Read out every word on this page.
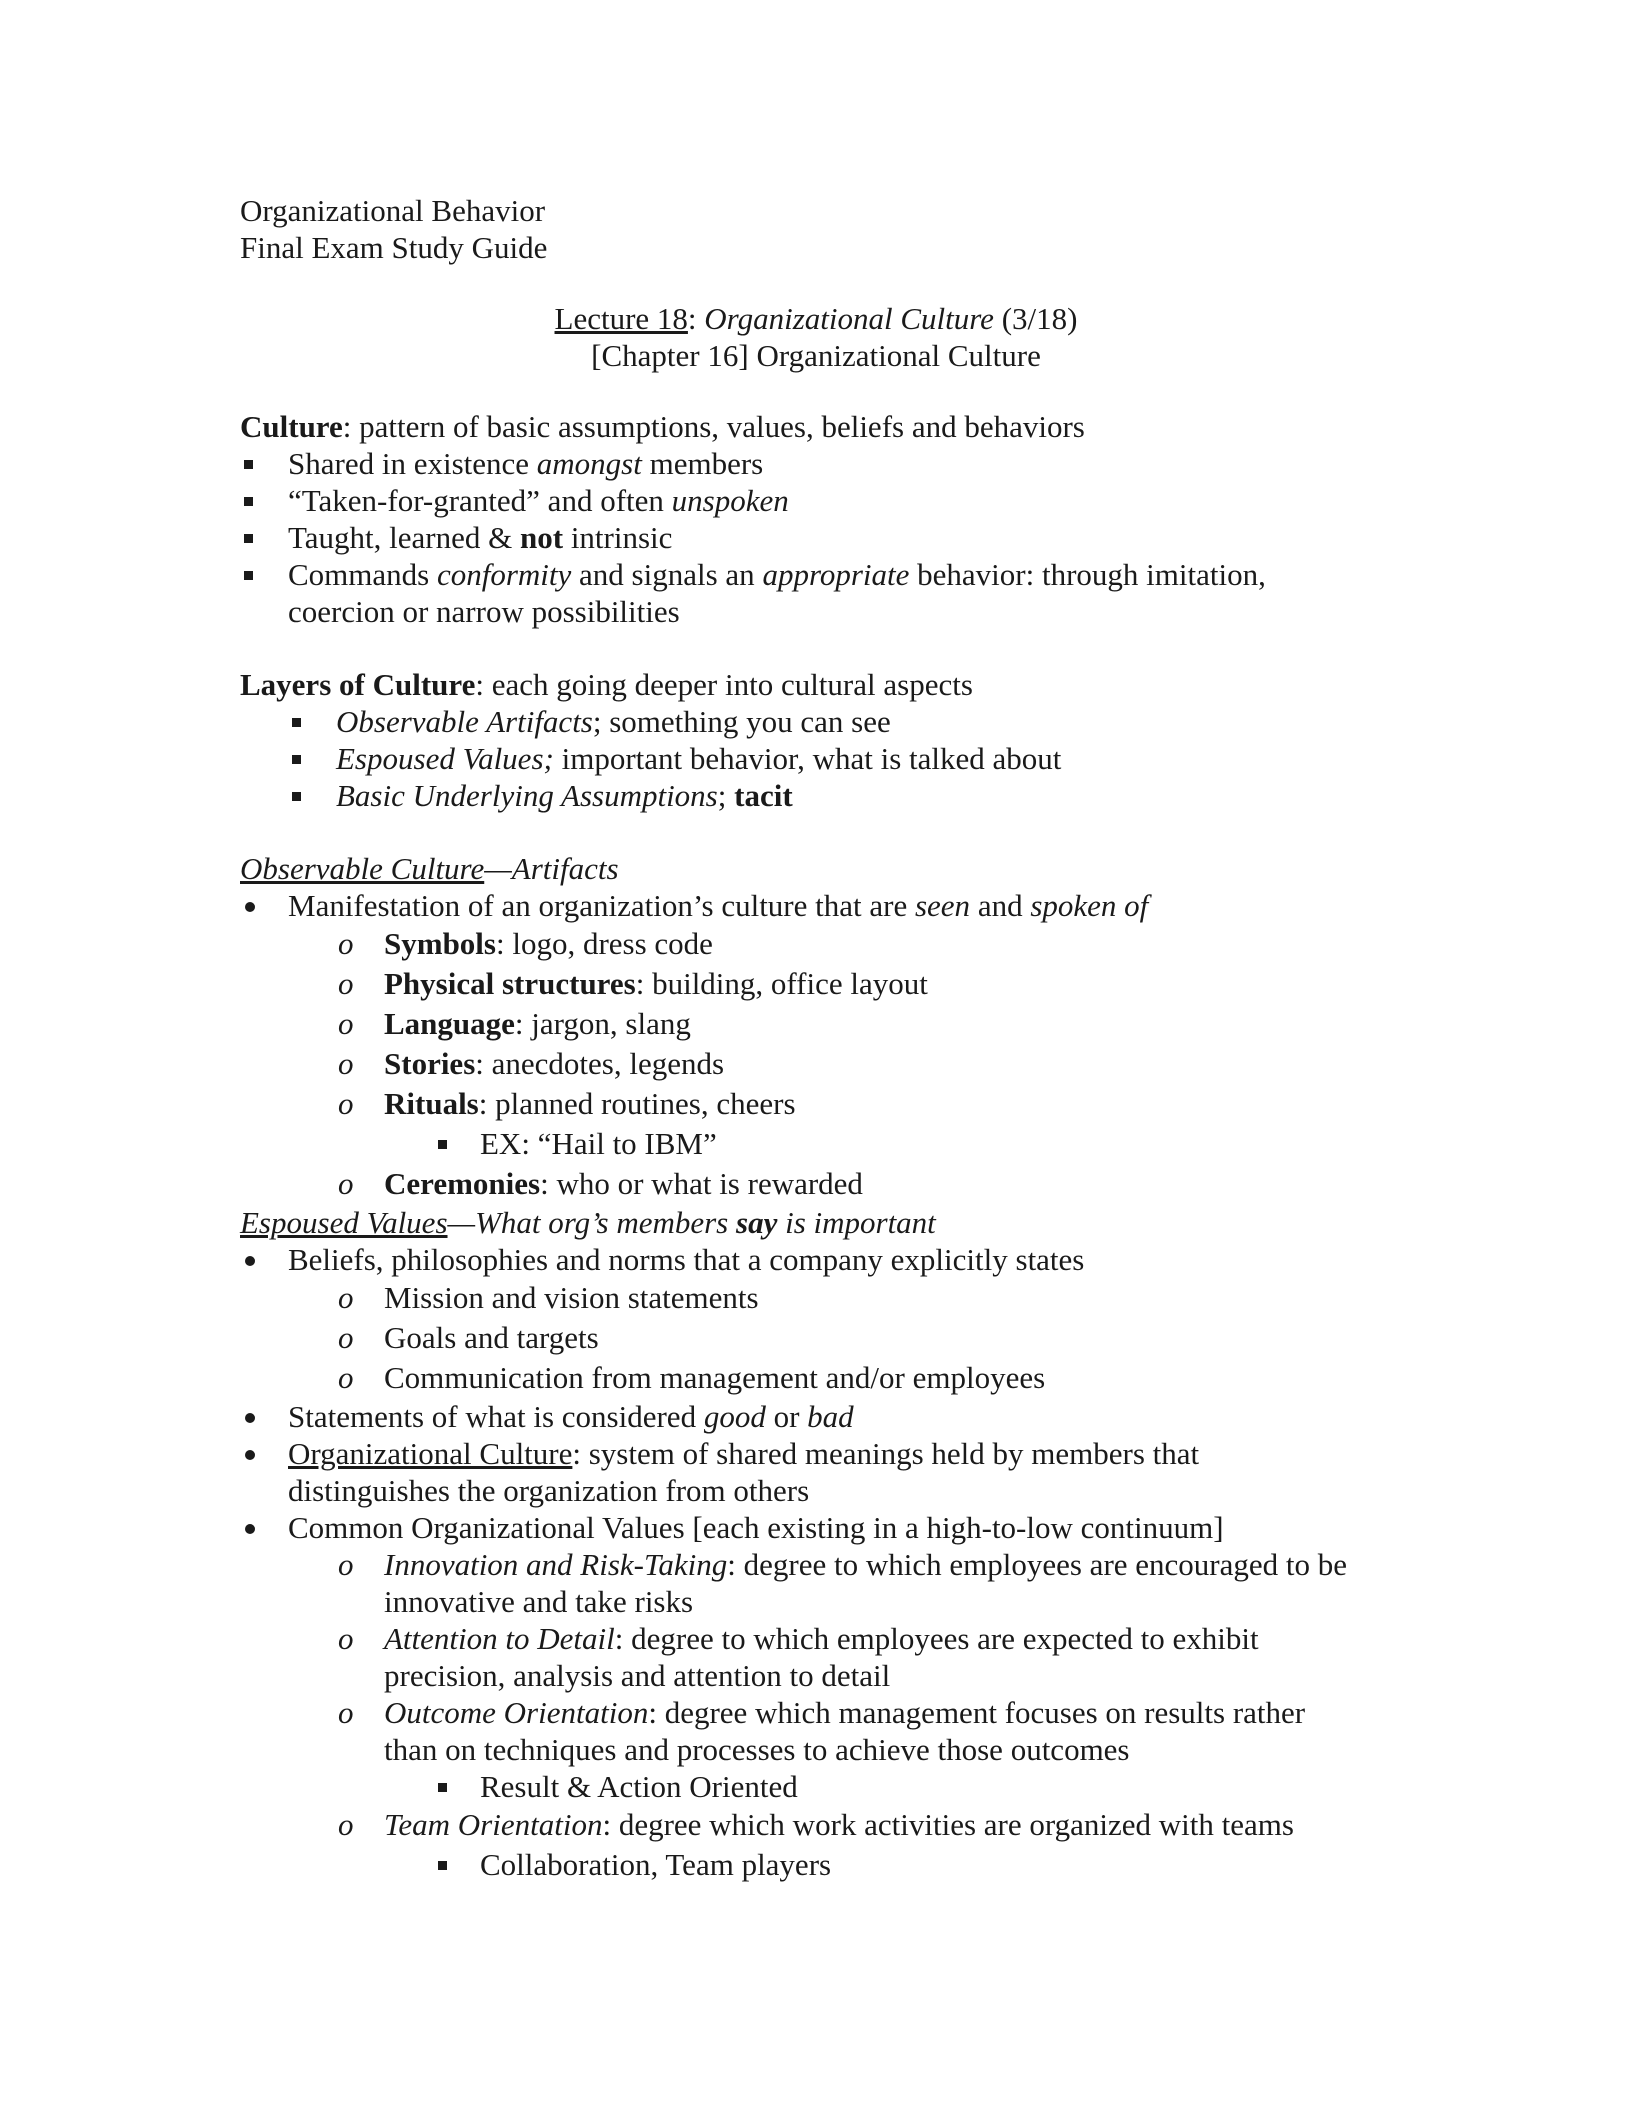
Organizational Behavior
Final Exam Study Guide
Lecture 18: Organizational Culture (3/18)
[Chapter 16] Organizational Culture
Culture: pattern of basic assumptions, values, beliefs and behaviors
Shared in existence amongst members
“Taken-for-granted” and often unspoken
Taught, learned & not intrinsic
Commands conformity and signals an appropriate behavior: through imitation,
coercion or narrow possibilities
Layers of Culture: each going deeper into cultural aspects
Observable Artifacts; something you can see
Espoused Values; important behavior, what is talked about
Basic Underlying Assumptions; tacit
Observable Culture—Artifacts
Manifestation of an organization’s culture that are seen and spoken of
o Symbols: logo, dress code
o Physical structures: building, office layout
o Language: jargon, slang
o Stories: anecdotes, legends
o Rituals: planned routines, cheers
EX: “Hail to IBM”
o Ceremonies: who or what is rewarded
Espoused Values—What org’s members say is important
Beliefs, philosophies and norms that a company explicitly states
o Mission and vision statements
o Goals and targets
o Communication from management and/or employees
Statements of what is considered good or bad
Organizational Culture: system of shared meanings held by members that
distinguishes the organization from others
Common Organizational Values [each existing in a high-to-low continuum]
o Innovation and Risk-Taking: degree to which employees are encouraged to be
innovative and take risks
o Attention to Detail: degree to which employees are expected to exhibit
precision, analysis and attention to detail
o Outcome Orientation: degree which management focuses on results rather
than on techniques and processes to achieve those outcomes
Result & Action Oriented
o Team Orientation: degree which work activities are organized with teams
Collaboration, Team players
